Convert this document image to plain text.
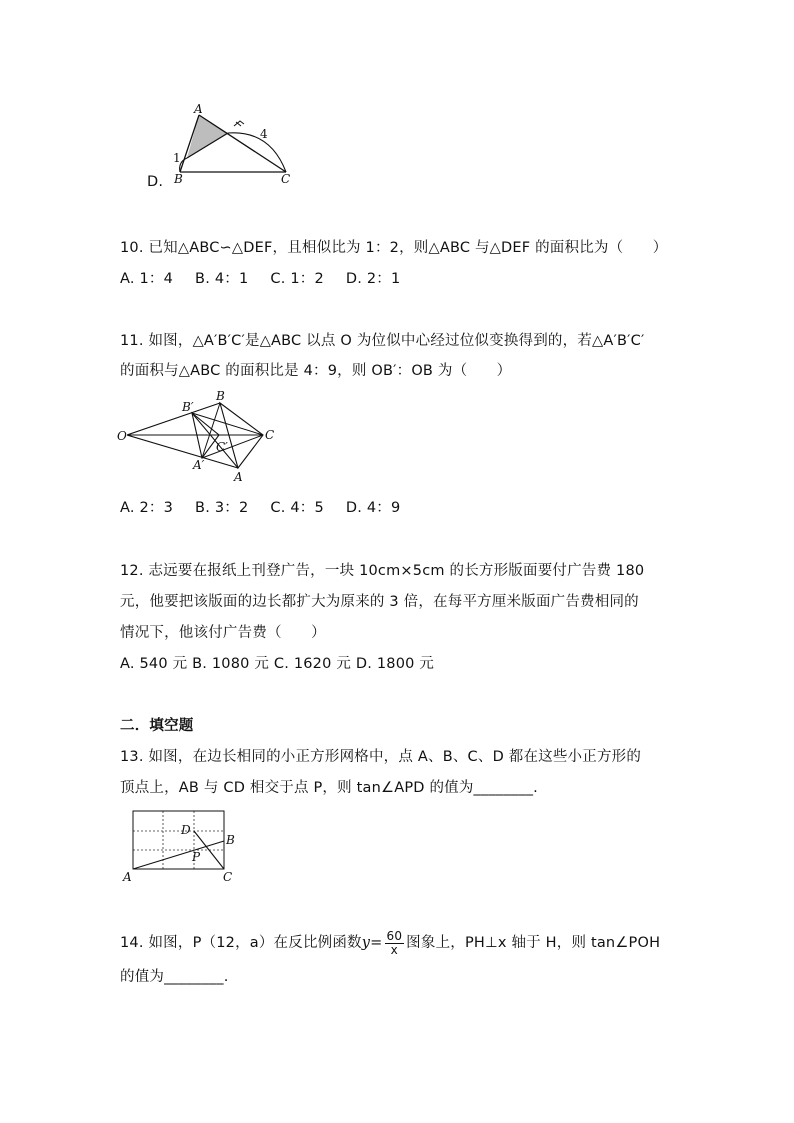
D.
A
B	C
1
4
10. 已知△ABC∽△DEF，且相似比为 1：2，则△ABC 与△DEF 的面积比为（　　）
A. 1：4 B. 4：1 C. 1：2 D. 2：1
11. 如图，△A′B′C′是△ABC 以点 O 为位似中心经过位似变换得到的，若△A′B′C′
的面积与△ABC 的面积比是 4：9，则 OB′：OB 为（　　）
O
B′
B
C
C′
A′
A
A. 2：3 B. 3：2 C. 4：5 D. 4：9
12. 志远要在报纸上刊登广告，一块 10cm×5cm 的长方形版面要付广告费 180
元，他要把该版面的边长都扩大为原来的 3 倍，在每平方厘米版面广告费相同的
情况下，他该付广告费（　　）
A. 540 元 B. 1080 元 C. 1620 元 D. 1800 元
二．填空题
13. 如图，在边长相同的小正方形网格中，点 A、B、C、D 都在这些小正方形的
顶点上，AB 与 CD 相交于点 P，则 tan∠APD 的值为________.
A
B
C
D
P
14. 如图，P（12，a）在反比例函数$y= \frac{60}{x}$ 图象上，PH⊥x 轴于 H，则 tan∠POH
的值为________.
